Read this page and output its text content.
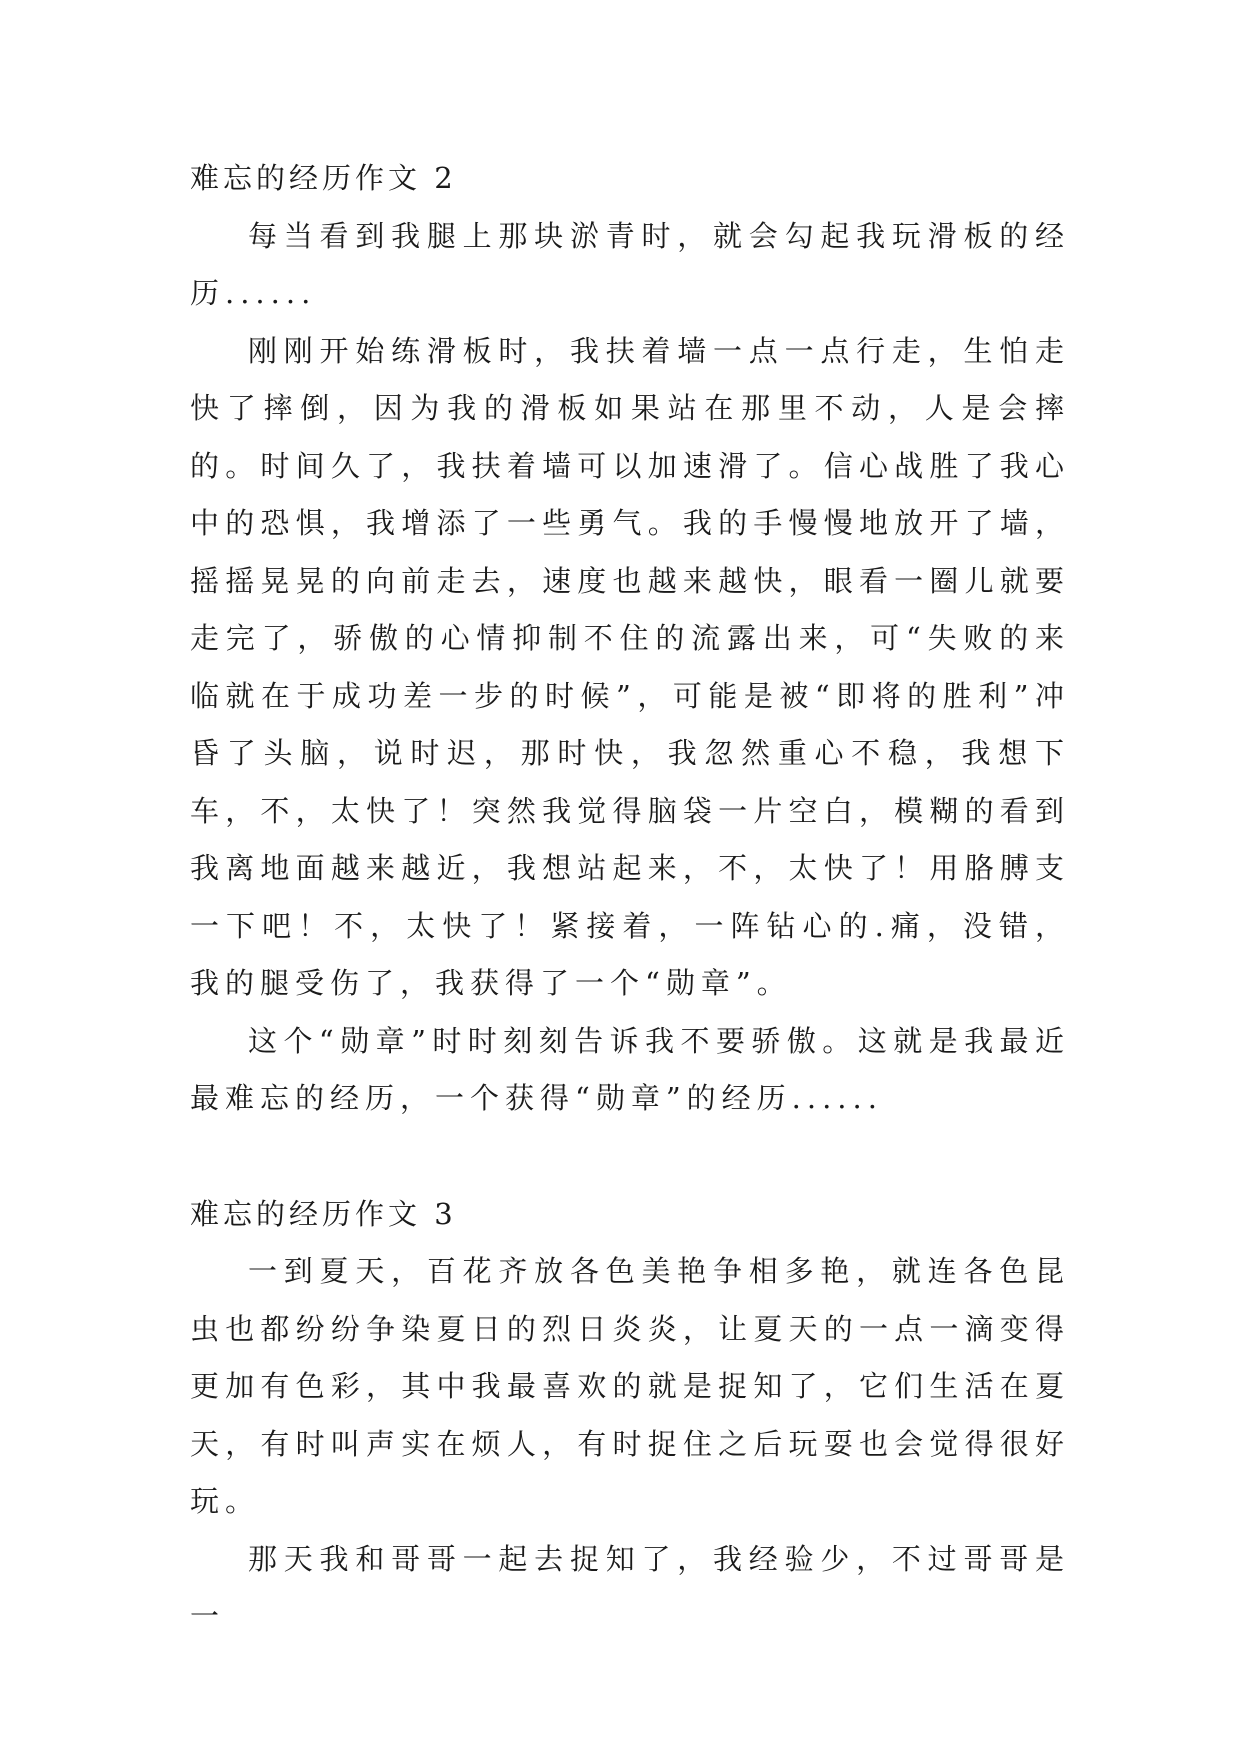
难忘的经历作文 2

每当看到我腿上那块淤青时，就会勾起我玩滑板的经历......

刚刚开始练滑板时，我扶着墙一点一点行走，生怕走快了摔倒，因为我的滑板如果站在那里不动，人是会摔的。时间久了，我扶着墙可以加速滑了。信心战胜了我心中的恐惧，我增添了一些勇气。我的手慢慢地放开了墙，摇摇晃晃的向前走去，速度也越来越快，眼看一圈儿就要走完了，骄傲的心情抑制不住的流露出来，可“失败的来临就在于成功差一步的时候”，可能是被“即将的胜利”冲昏了头脑，说时迟，那时快，我忽然重心不稳，我想下车，不，太快了！突然我觉得脑袋一片空白，模糊的看到我离地面越来越近，我想站起来，不，太快了！用胳膊支一下吧！不，太快了！紧接着，一阵钻心的.痛，没错，我的腿受伤了，我获得了一个“勋章”。

这个“勋章”时时刻刻告诉我不要骄傲。这就是我最近最难忘的经历，一个获得“勋章”的经历......

难忘的经历作文 3

一到夏天，百花齐放各色美艳争相多艳，就连各色昆虫也都纷纷争染夏日的烈日炎炎，让夏天的一点一滴变得更加有色彩，其中我最喜欢的就是捉知了，它们生活在夏天，有时叫声实在烦人，有时捉住之后玩耍也会觉得很好玩。

那天我和哥哥一起去捉知了，我经验少，不过哥哥是一
